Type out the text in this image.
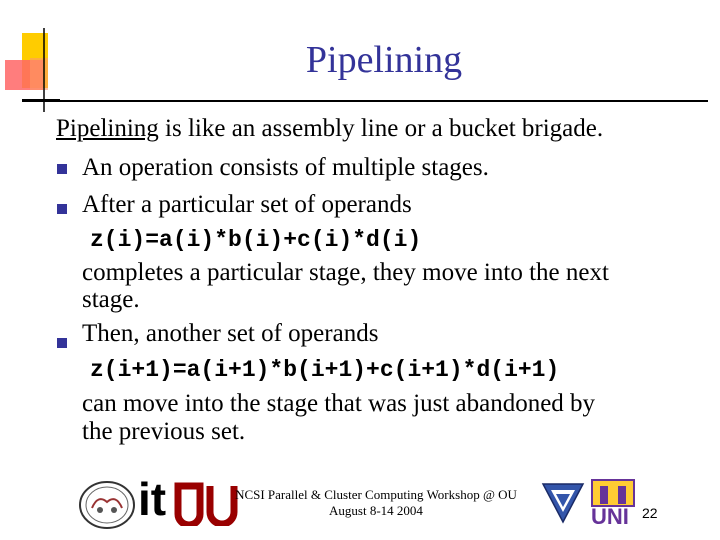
Pipelining
Pipelining is like an assembly line or a bucket brigade.
An operation consists of multiple stages.
After a particular set of operands
z(i)=a(i)*b(i)+c(i)*d(i)
completes a particular stage, they move into the next
stage.
Then, another set of operands
z(i+1)=a(i+1)*b(i+1)+c(i+1)*d(i+1)
can move into the stage that was just abandoned by
the previous set.
it	NCSI Parallel & Cluster Computing Workshop @ OU
August 8-14 2004	UNI 22
